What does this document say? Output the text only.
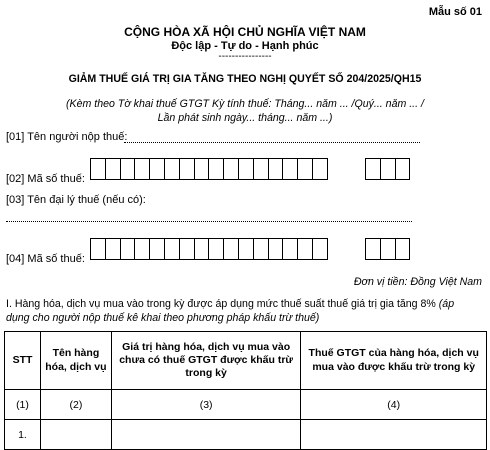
Mẫu số 01
CỘNG HÒA XÃ HỘI CHỦ NGHĨA VIỆT NAM
Độc lập - Tự do - Hạnh phúc
----------------
GIẢM THUẾ GIÁ TRỊ GIA TĂNG THEO NGHỊ QUYẾT SỐ 204/2025/QH15
(Kèm theo Tờ khai thuế GTGT Kỳ tính thuế: Tháng... năm ... /Quý... năm ... /
Lần phát sinh ngày... tháng... năm ...)
[01] Tên người nộp thuế:
[02] Mã số thuế:
[03] Tên đại lý thuế (nếu có):
[04] Mã số thuế:
Đơn vị tiền: Đồng Việt Nam
I. Hàng hóa, dịch vụ mua vào trong kỳ được áp dụng mức thuế suất thuế giá trị gia tăng 8% (áp
dụng cho người nộp thuế kê khai theo phương pháp khấu trừ thuế)
STT	Tên hàng hóa, dịch vụ	Giá trị hàng hóa, dịch vụ mua vào chưa có thuế GTGT được khấu trừ trong kỳ	Thuế GTGT của hàng hóa, dịch vụ mua vào được khấu trừ trong kỳ
(1)	(2)	(3)	(4)
1.			
